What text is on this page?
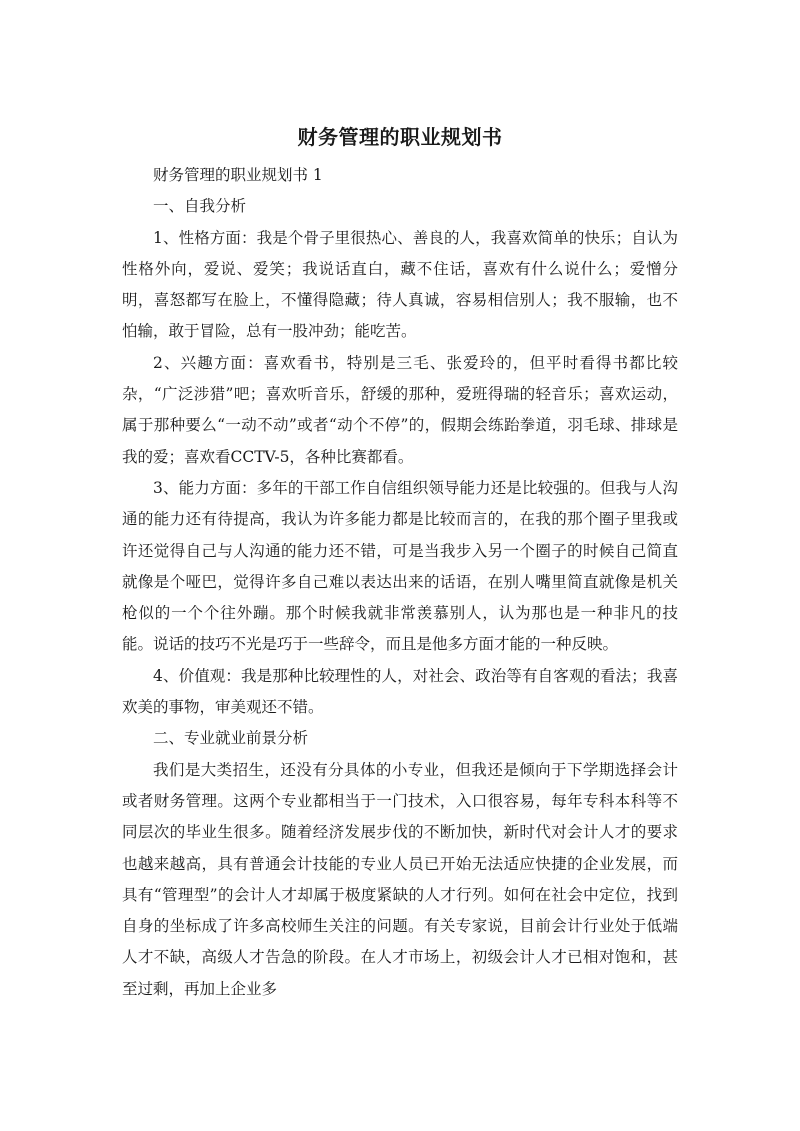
财务管理的职业规划书

财务管理的职业规划书 1

一、自我分析

1、性格方面：我是个骨子里很热心、善良的人，我喜欢简单的快乐；自认为性格外向，爱说、爱笑；我说话直白，藏不住话，喜欢有什么说什么；爱憎分明，喜怒都写在脸上，不懂得隐藏；待人真诚，容易相信别人；我不服输，也不怕输，敢于冒险，总有一股冲劲；能吃苦。

2、兴趣方面：喜欢看书，特别是三毛、张爱玲的，但平时看得书都比较杂，“广泛涉猎”吧；喜欢听音乐，舒缓的那种，爱班得瑞的轻音乐；喜欢运动，属于那种要么“一动不动”或者“动个不停”的，假期会练跆拳道，羽毛球、排球是我的爱；喜欢看CCTV-5，各种比赛都看。

3、能力方面：多年的干部工作自信组织领导能力还是比较强的。但我与人沟通的能力还有待提高，我认为许多能力都是比较而言的，在我的那个圈子里我或许还觉得自己与人沟通的能力还不错，可是当我步入另一个圈子的时候自己简直就像是个哑巴，觉得许多自己难以表达出来的话语，在别人嘴里简直就像是机关枪似的一个个往外蹦。那个时候我就非常羡慕别人，认为那也是一种非凡的技能。说话的技巧不光是巧于一些辞令，而且是他多方面才能的一种反映。

4、价值观：我是那种比较理性的人，对社会、政治等有自客观的看法；我喜欢美的事物，审美观还不错。

二、专业就业前景分析

我们是大类招生，还没有分具体的小专业，但我还是倾向于下学期选择会计或者财务管理。这两个专业都相当于一门技术，入口很容易，每年专科本科等不同层次的毕业生很多。随着经济发展步伐的不断加快，新时代对会计人才的要求也越来越高，具有普通会计技能的专业人员已开始无法适应快捷的企业发展，而具有“管理型”的会计人才却属于极度紧缺的人才行列。如何在社会中定位，找到自身的坐标成了许多高校师生关注的问题。有关专家说，目前会计行业处于低端人才不缺，高级人才告急的阶段。在人才市场上，初级会计人才已相对饱和，甚至过剩，再加上企业多
